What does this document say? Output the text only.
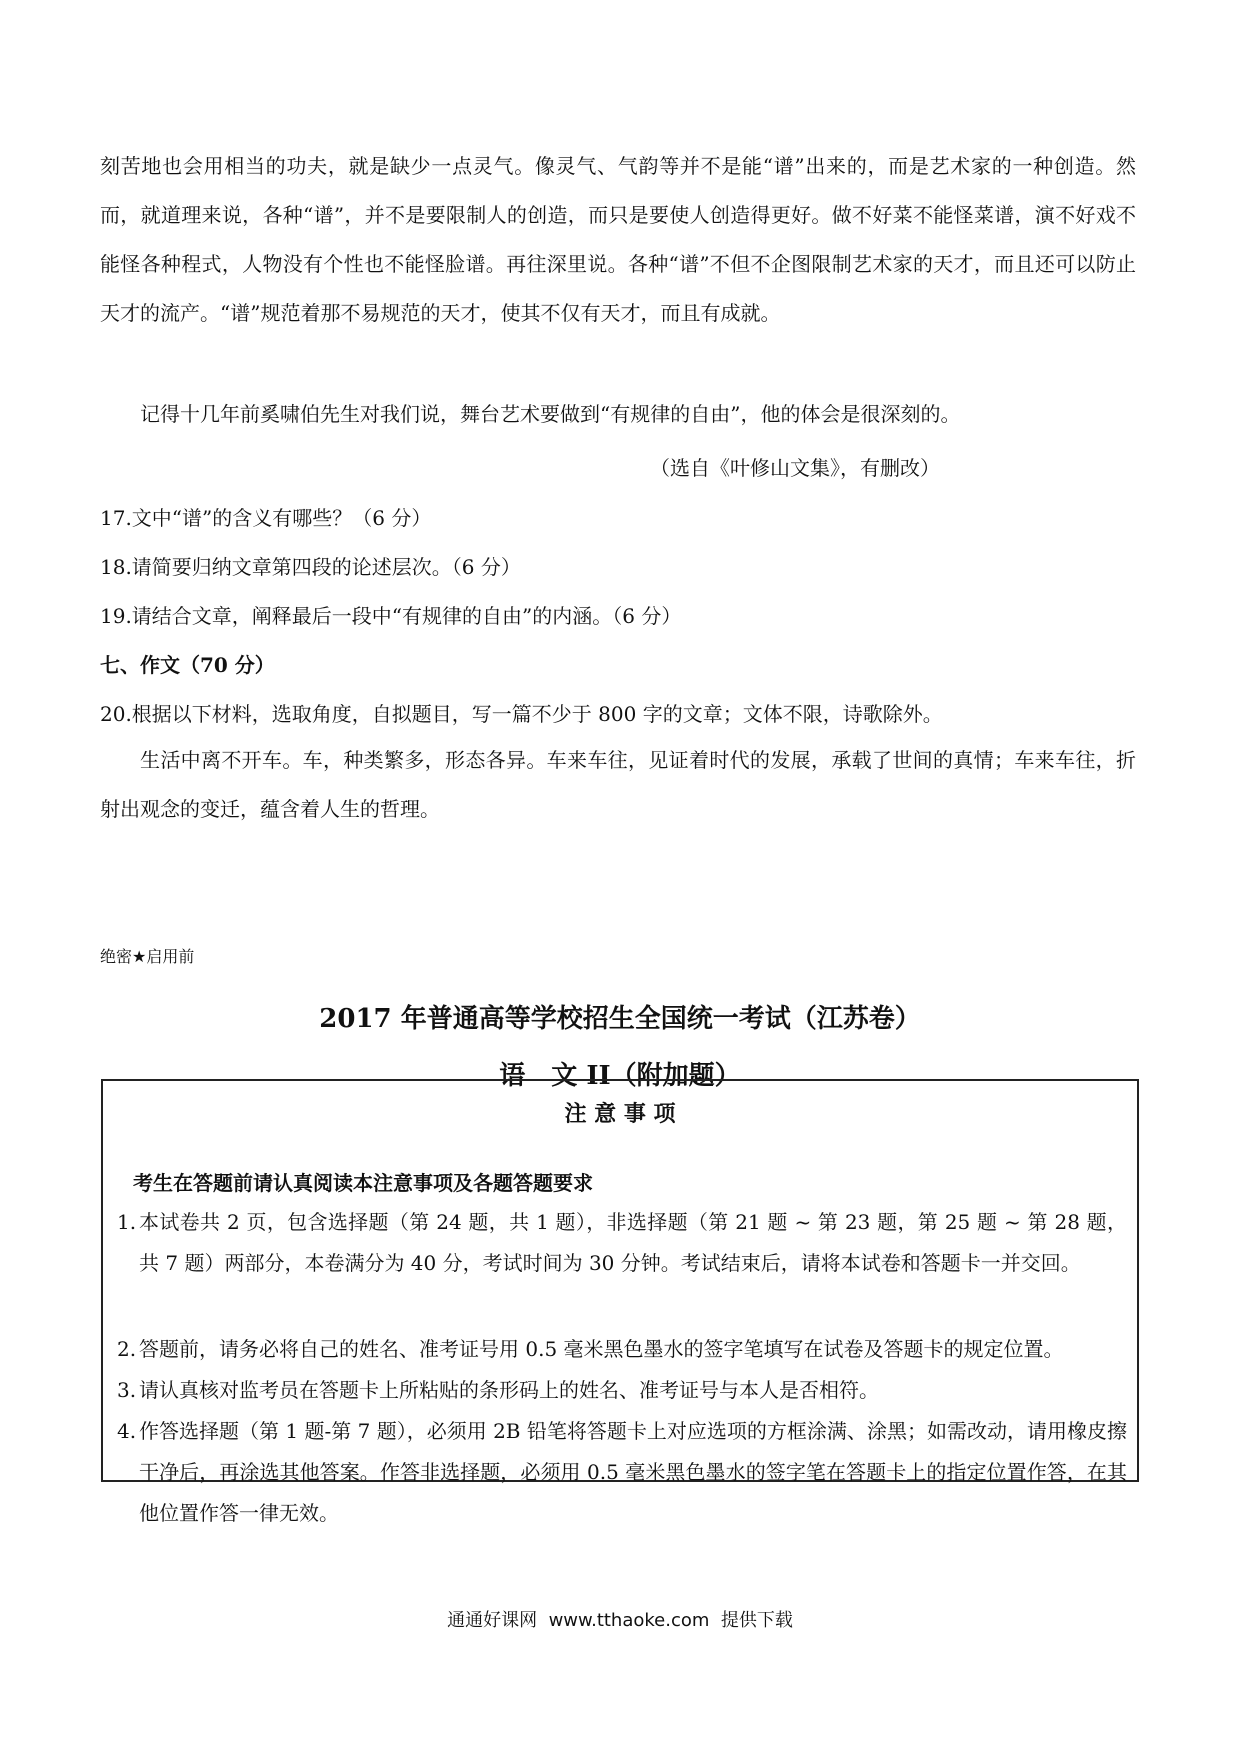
刻苦地也会用相当的功夫，就是缺少一点灵气。像灵气、气韵等并不是能“谱”出来的，而是艺术家的一种创造。然而，就道理来说，各种“谱”，并不是要限制人的创造，而只是要使人创造得更好。做不好菜不能怪菜谱，演不好戏不能怪各种程式，人物没有个性也不能怪脸谱。再往深里说。各种“谱”不但不企图限制艺术家的天才，而且还可以防止天才的流产。“谱”规范着那不易规范的天才，使其不仅有天才，而且有成就。

记得十几年前奚啸伯先生对我们说，舞台艺术要做到“有规律的自由”，他的体会是很深刻的。

（选自《叶修山文集》，有删改）

17.文中“谱”的含义有哪些？（6 分）

18.请简要归纳文章第四段的论述层次。（6 分）

19.请结合文章，阐释最后一段中“有规律的自由”的内涵。（6 分）

七、作文（70 分）

20.根据以下材料，选取角度，自拟题目，写一篇不少于 800 字的文章；文体不限，诗歌除外。

生活中离不开车。车，种类繁多，形态各异。车来车往，见证着时代的发展，承载了世间的真情；车来车往，折射出观念的变迁，蕴含着人生的哲理。

绝密★启用前

2017 年普通高等学校招生全国统一考试（江苏卷）

语　文 II（附加题）

注 意 事 项

考生在答题前请认真阅读本注意事项及各题答题要求

1. 本试卷共 2 页，包含选择题（第 24 题，共 1 题），非选择题（第 21 题 ~ 第 23 题，第 25 题 ~ 第 28 题，共 7 题）两部分，本卷满分为 40 分，考试时间为 30 分钟。考试结束后，请将本试卷和答题卡一并交回。
2. 答题前，请务必将自己的姓名、准考证号用 0.5 毫米黑色墨水的签字笔填写在试卷及答题卡的规定位置。
3. 请认真核对监考员在答题卡上所粘贴的条形码上的姓名、准考证号与本人是否相符。
4. 作答选择题（第 1 题-第 7 题），必须用 2B 铅笔将答题卡上对应选项的方框涂满、涂黑；如需改动，请用橡皮擦干净后，再涂选其他答案。作答非选择题，必须用 0.5 毫米黑色墨水的签字笔在答题卡上的指定位置作答，在其他位置作答一律无效。

通通好课网  www.tthaoke.com  提供下载
